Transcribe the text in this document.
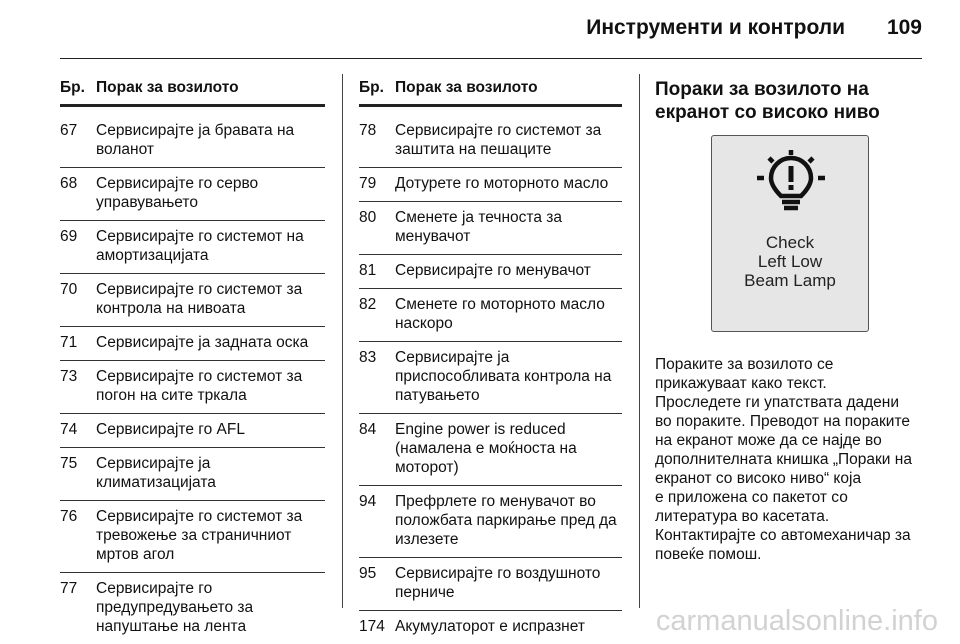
Инструменти и контроли	109
Бр. Порак за возилото
67	Сервисирајте ја бравата на воланот
68	Сервисирајте го серво управувањето
69	Сервисирајте го системот на амортизацијата
70	Сервисирајте го системот за контрола на нивоата
71	Сервисирајте ја задната оска
73	Сервисирајте го системот за погон на сите тркала
74	Сервисирајте го AFL
75	Сервисирајте ја климатизацијата
76	Сервисирајте го системот за тревожење за страничниот мртов агол
77	Сервисирајте го предупредувањето за напуштање на лента
Бр. Порак за возилото
78	Сервисирајте го системот за заштита на пешаците
79	Дотурете го моторното масло
80	Сменете ја течноста за менувачот
81	Сервисирајте го менувачот
82	Сменете го моторното масло наскоро
83	Сервисирајте ја приспособливата контрола на патувањето
84	Engine power is reduced (намалена е моќноста на моторот)
94	Префрлете го менувачот во положбата паркирање пред да излезете
95	Сервисирајте го воздушното перниче
174 Акумулаторот е испразнет
Пораки за возилото на
екранот со високо ниво
Check
Left Low
Beam Lamp
Пораките за возилото се
прикажуваат како текст.
Проследете ги упатствата дадени
во пораките. Преводот на пораките
на екранот може да се најде во
дополнителната книшка „Пораки на
екранот со високо ниво“ која
е приложена со пакетот со
литература во касетата.
Контактирајте со автомеханичар за
повеќе помош.
carmanualsonline.info
